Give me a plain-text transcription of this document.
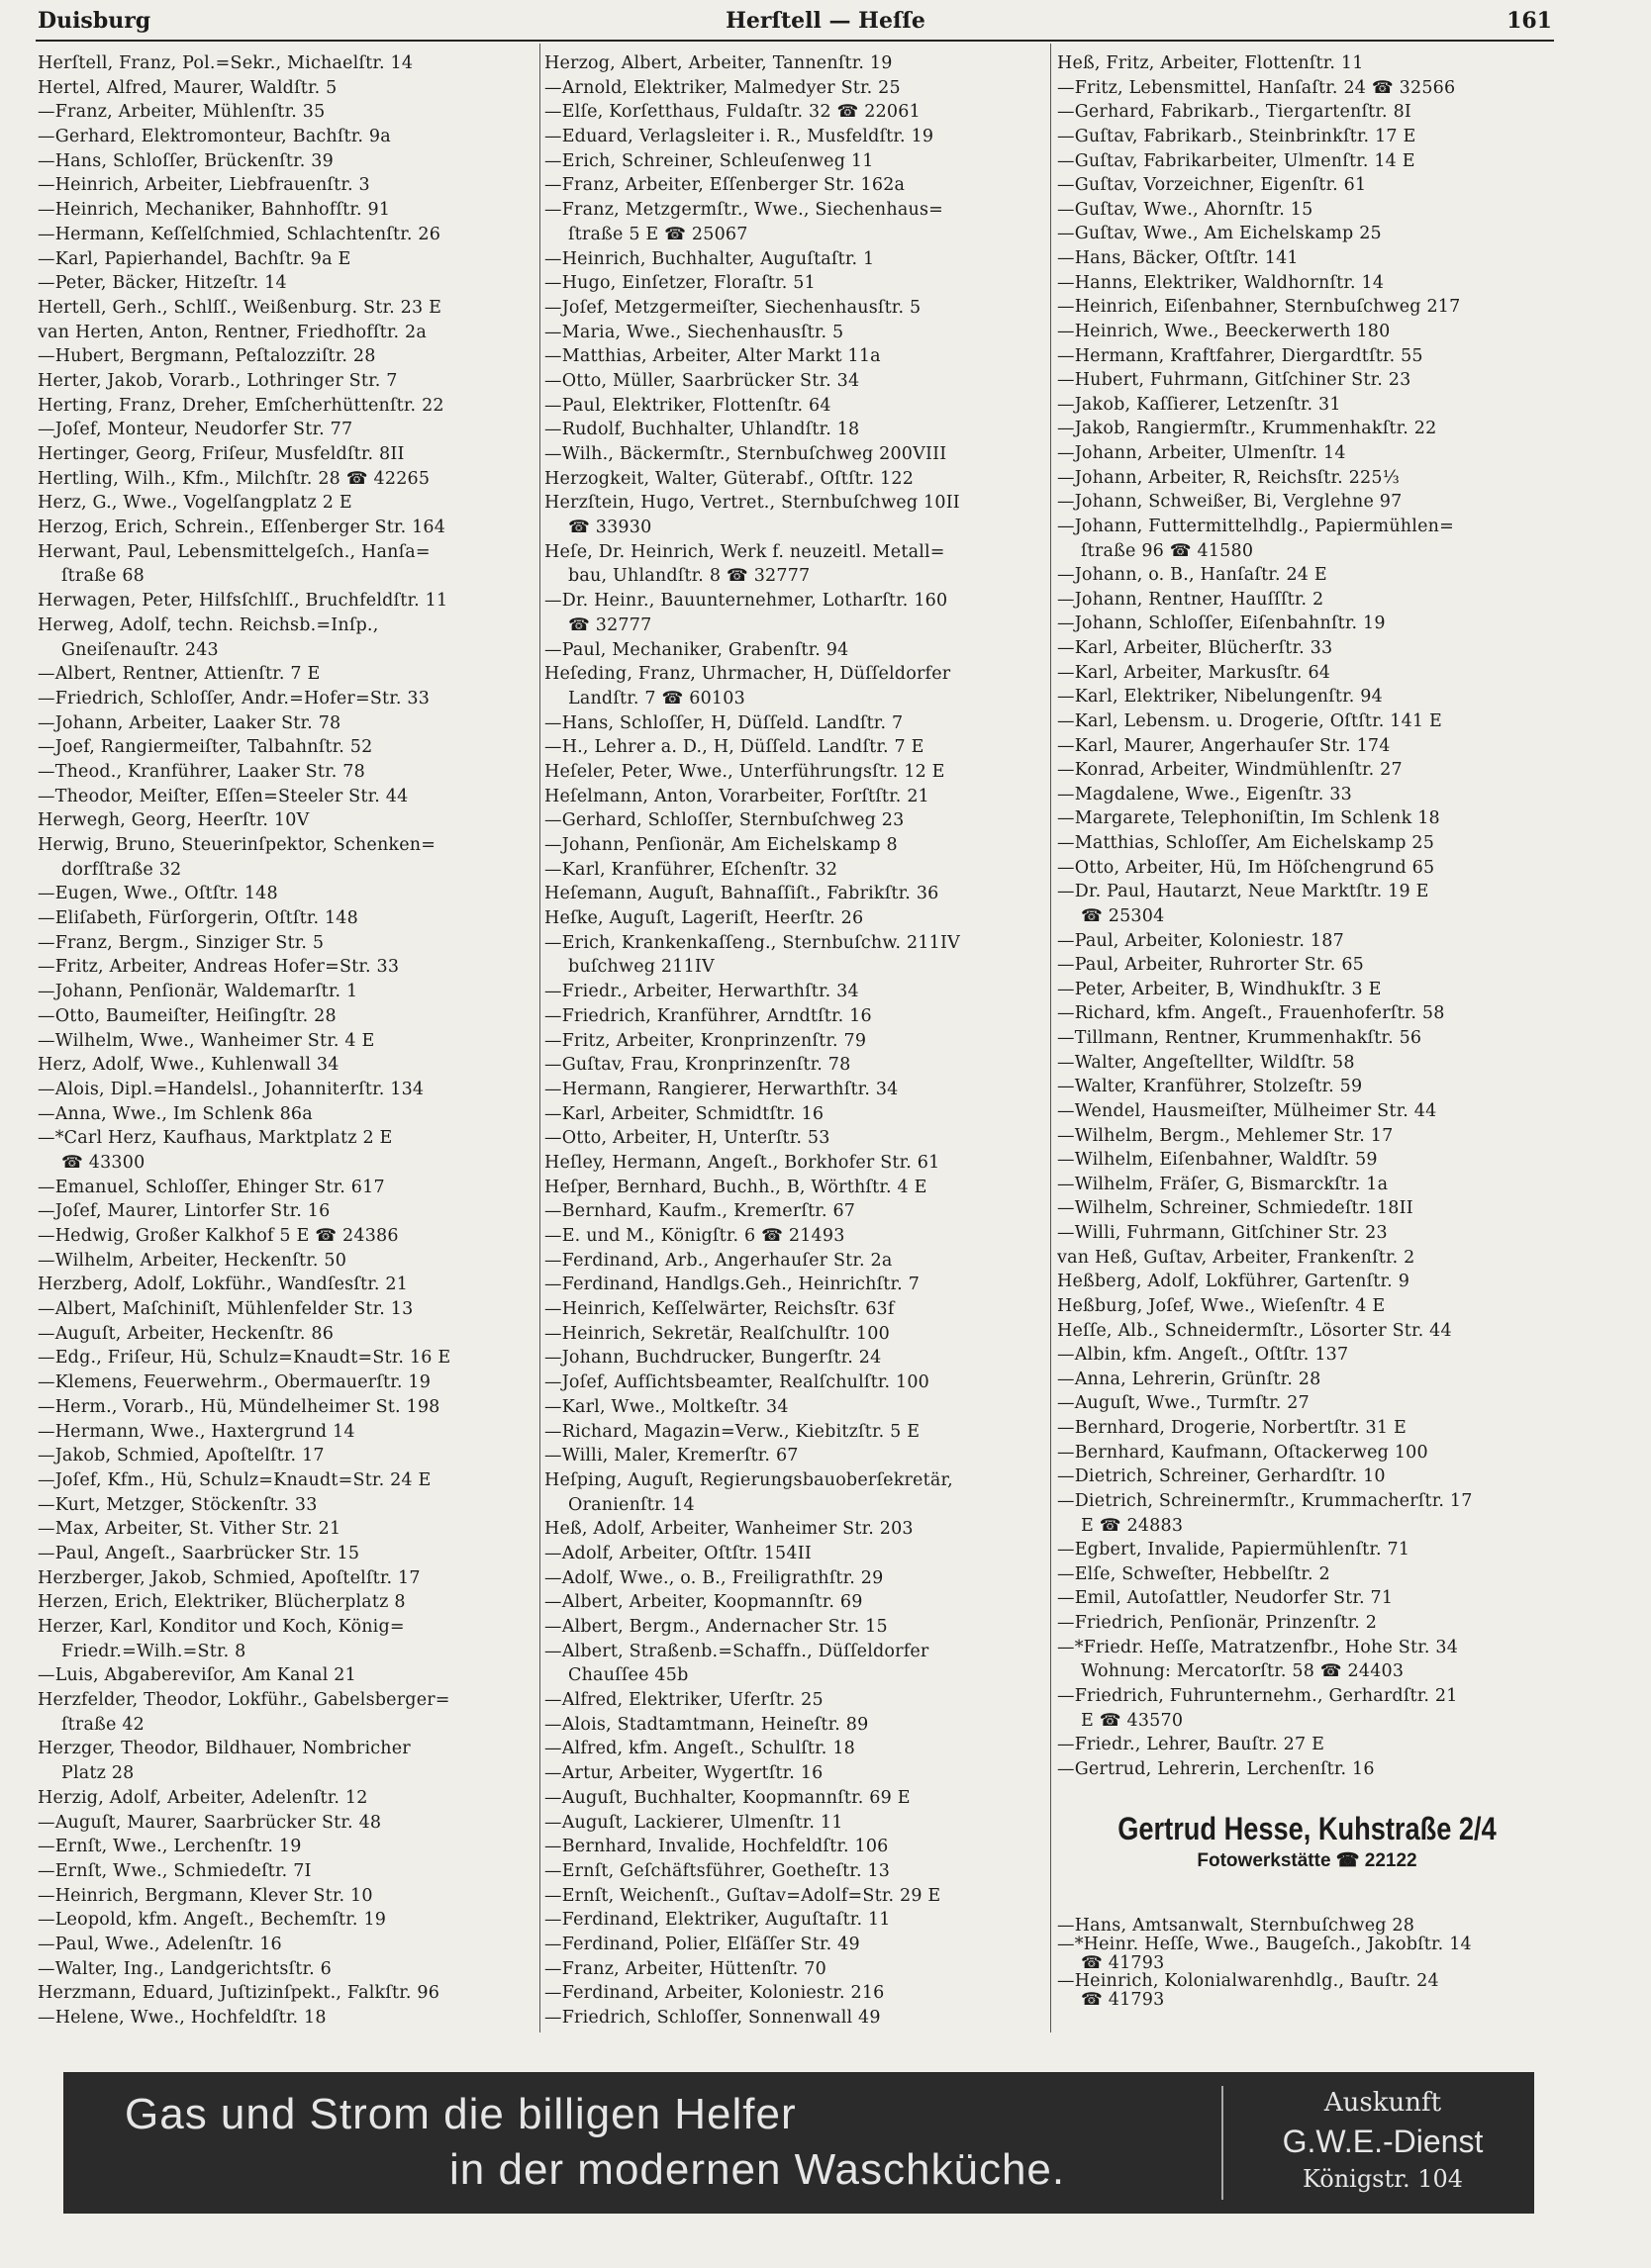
Duisburg	Herſtell — Heſſe	161
Herſtell, Franz, Pol.=Sekr., Michaelſtr. 14
Hertel, Alfred, Maurer, Waldſtr. 5
—Franz, Arbeiter, Mühlenſtr. 35
—Gerhard, Elektromonteur, Bachſtr. 9a
—Hans, Schloſſer, Brückenſtr. 39
—Heinrich, Arbeiter, Liebfrauenſtr. 3
—Heinrich, Mechaniker, Bahnhofſtr. 91
—Hermann, Keſſelſchmied, Schlachtenſtr. 26
—Karl, Papierhandel, Bachſtr. 9a E
—Peter, Bäcker, Hitzeſtr. 14
Hertell, Gerh., Schlſſ., Weißenburg. Str. 23 E
van Herten, Anton, Rentner, Friedhofſtr. 2a
—Hubert, Bergmann, Peſtalozziſtr. 28
Herter, Jakob, Vorarb., Lothringer Str. 7
Herting, Franz, Dreher, Emſcherhüttenſtr. 22
—Joſef, Monteur, Neudorfer Str. 77
Hertinger, Georg, Friſeur, Musfeldſtr. 8II
Hertling, Wilh., Kfm., Milchſtr. 28 ☎ 42265
Herz, G., Wwe., Vogelſangplatz 2 E
Herzog, Erich, Schrein., Eſſenberger Str. 164
Herwant, Paul, Lebensmittelgeſch., Hanſa=
ſtraße 68
Herwagen, Peter, Hilfsſchlſſ., Bruchfeldſtr. 11
Herweg, Adolf, techn. Reichsb.=Inſp.,
Gneiſenauſtr. 243
—Albert, Rentner, Attienſtr. 7 E
—Friedrich, Schloſſer, Andr.=Hofer=Str. 33
—Johann, Arbeiter, Laaker Str. 78
—Joef, Rangiermeiſter, Talbahnſtr. 52
—Theod., Kranführer, Laaker Str. 78
—Theodor, Meiſter, Eſſen=Steeler Str. 44
Herwegh, Georg, Heerſtr. 10V
Herwig, Bruno, Steuerinſpektor, Schenken=
dorfſtraße 32
—Eugen, Wwe., Oſtſtr. 148
—Eliſabeth, Fürſorgerin, Oſtſtr. 148
—Franz, Bergm., Sinziger Str. 5
—Fritz, Arbeiter, Andreas Hofer=Str. 33
—Johann, Penſionär, Waldemarſtr. 1
—Otto, Baumeiſter, Heiſingſtr. 28
—Wilhelm, Wwe., Wanheimer Str. 4 E
Herz, Adolf, Wwe., Kuhlenwall 34
—Alois, Dipl.=Handelsl., Johanniterſtr. 134
—Anna, Wwe., Im Schlenk 86a
—*Carl Herz, Kaufhaus, Marktplatz 2 E
☎ 43300
—Emanuel, Schloſſer, Ehinger Str. 617
—Joſef, Maurer, Lintorfer Str. 16
—Hedwig, Großer Kalkhof 5 E ☎ 24386
—Wilhelm, Arbeiter, Heckenſtr. 50
Herzberg, Adolf, Lokführ., Wandſesſtr. 21
—Albert, Maſchiniſt, Mühlenfelder Str. 13
—Auguſt, Arbeiter, Heckenſtr. 86
—Edg., Friſeur, Hü, Schulz=Knaudt=Str. 16 E
—Klemens, Feuerwehrm., Obermauerſtr. 19
—Herm., Vorarb., Hü, Mündelheimer St. 198
—Hermann, Wwe., Haxtergrund 14
—Jakob, Schmied, Apoſtelſtr. 17
—Joſef, Kfm., Hü, Schulz=Knaudt=Str. 24 E
—Kurt, Metzger, Stöckenſtr. 33
—Max, Arbeiter, St. Vither Str. 21
—Paul, Angeſt., Saarbrücker Str. 15
Herzberger, Jakob, Schmied, Apoſtelſtr. 17
Herzen, Erich, Elektriker, Blücherplatz 8
Herzer, Karl, Konditor und Koch, König=
Friedr.=Wilh.=Str. 8
—Luis, Abgabereviſor, Am Kanal 21
Herzfelder, Theodor, Lokführ., Gabelsberger=
ſtraße 42
Herzger, Theodor, Bildhauer, Nombricher
Platz 28
Herzig, Adolf, Arbeiter, Adelenſtr. 12
—Auguſt, Maurer, Saarbrücker Str. 48
—Ernſt, Wwe., Lerchenſtr. 19
—Ernſt, Wwe., Schmiedeſtr. 7I
—Heinrich, Bergmann, Klever Str. 10
—Leopold, kfm. Angeſt., Bechemſtr. 19
—Paul, Wwe., Adelenſtr. 16
—Walter, Ing., Landgerichtsſtr. 6
Herzmann, Eduard, Juſtizinſpekt., Falkſtr. 96
—Helene, Wwe., Hochfeldſtr. 18
Herzog, Albert, Arbeiter, Tannenſtr. 19
—Arnold, Elektriker, Malmedyer Str. 25
—Elſe, Korſetthaus, Fuldaſtr. 32 ☎ 22061
—Eduard, Verlagsleiter i. R., Musfeldſtr. 19
—Erich, Schreiner, Schleuſenweg 11
—Franz, Arbeiter, Eſſenberger Str. 162a
—Franz, Metzgermſtr., Wwe., Siechenhaus=
ſtraße 5 E ☎ 25067
—Heinrich, Buchhalter, Auguſtaſtr. 1
—Hugo, Einſetzer, Floraſtr. 51
—Joſef, Metzgermeiſter, Siechenhausſtr. 5
—Maria, Wwe., Siechenhausſtr. 5
—Matthias, Arbeiter, Alter Markt 11a
—Otto, Müller, Saarbrücker Str. 34
—Paul, Elektriker, Flottenſtr. 64
—Rudolf, Buchhalter, Uhlandſtr. 18
—Wilh., Bäckermſtr., Sternbuſchweg 200VIII
Herzogkeit, Walter, Güterabf., Oſtſtr. 122
Herzſtein, Hugo, Vertret., Sternbuſchweg 10II
☎ 33930
Heſe, Dr. Heinrich, Werk f. neuzeitl. Metall=
bau, Uhlandſtr. 8 ☎ 32777
—Dr. Heinr., Bauunternehmer, Lotharſtr. 160
☎ 32777
—Paul, Mechaniker, Grabenſtr. 94
Heſeding, Franz, Uhrmacher, H, Düſſeldorfer
Landſtr. 7 ☎ 60103
—Hans, Schloſſer, H, Düſſeld. Landſtr. 7
—H., Lehrer a. D., H, Düſſeld. Landſtr. 7 E
Heſeler, Peter, Wwe., Unterführungsſtr. 12 E
Heſelmann, Anton, Vorarbeiter, Forſtſtr. 21
—Gerhard, Schloſſer, Sternbuſchweg 23
—Johann, Penſionär, Am Eichelskamp 8
—Karl, Kranführer, Eſchenſtr. 32
Heſemann, Auguſt, Bahnaſſiſt., Fabrikſtr. 36
Heſke, Auguſt, Lageriſt, Heerſtr. 26
—Erich, Krankenkaſſeng., Sternbuſchw. 211IV
buſchweg 211IV
—Friedr., Arbeiter, Herwarthſtr. 34
—Friedrich, Kranführer, Arndtſtr. 16
—Fritz, Arbeiter, Kronprinzenſtr. 79
—Guſtav, Frau, Kronprinzenſtr. 78
—Hermann, Rangierer, Herwarthſtr. 34
—Karl, Arbeiter, Schmidtſtr. 16
—Otto, Arbeiter, H, Unterſtr. 53
Heſley, Hermann, Angeſt., Borkhofer Str. 61
Heſper, Bernhard, Buchh., B, Wörthſtr. 4 E
—Bernhard, Kaufm., Kremerſtr. 67
—E. und M., Königſtr. 6 ☎ 21493
—Ferdinand, Arb., Angerhauſer Str. 2a
—Ferdinand, Handlgs.Geh., Heinrichſtr. 7
—Heinrich, Keſſelwärter, Reichsſtr. 63f
—Heinrich, Sekretär, Realſchulſtr. 100
—Johann, Buchdrucker, Bungerſtr. 24
—Joſef, Aufſichtsbeamter, Realſchulſtr. 100
—Karl, Wwe., Moltkeſtr. 34
—Richard, Magazin=Verw., Kiebitzſtr. 5 E
—Willi, Maler, Kremerſtr. 67
Heſping, Auguſt, Regierungsbauoberſekretär,
Oranienſtr. 14
Heß, Adolf, Arbeiter, Wanheimer Str. 203
—Adolf, Arbeiter, Oſtſtr. 154II
—Adolf, Wwe., o. B., Freiligrathſtr. 29
—Albert, Arbeiter, Koopmannſtr. 69
—Albert, Bergm., Andernacher Str. 15
—Albert, Straßenb.=Schaffn., Düſſeldorfer
Chauſſee 45b
—Alfred, Elektriker, Uferſtr. 25
—Alois, Stadtamtmann, Heineſtr. 89
—Alfred, kfm. Angeſt., Schulſtr. 18
—Artur, Arbeiter, Wygertſtr. 16
—Auguſt, Buchhalter, Koopmannſtr. 69 E
—Auguſt, Lackierer, Ulmenſtr. 11
—Bernhard, Invalide, Hochfeldſtr. 106
—Ernſt, Geſchäftsführer, Goetheſtr. 13
—Ernſt, Weichenſt., Guſtav=Adolf=Str. 29 E
—Ferdinand, Elektriker, Auguſtaſtr. 11
—Ferdinand, Polier, Elſäſſer Str. 49
—Franz, Arbeiter, Hüttenſtr. 70
—Ferdinand, Arbeiter, Koloniestr. 216
—Friedrich, Schloſſer, Sonnenwall 49
Heß, Fritz, Arbeiter, Flottenſtr. 11
—Fritz, Lebensmittel, Hanſaſtr. 24 ☎ 32566
—Gerhard, Fabrikarb., Tiergartenſtr. 8I
—Guſtav, Fabrikarb., Steinbrinkſtr. 17 E
—Guſtav, Fabrikarbeiter, Ulmenſtr. 14 E
—Guſtav, Vorzeichner, Eigenſtr. 61
—Guſtav, Wwe., Ahornſtr. 15
—Guſtav, Wwe., Am Eichelskamp 25
—Hans, Bäcker, Oſtſtr. 141
—Hanns, Elektriker, Waldhornſtr. 14
—Heinrich, Eiſenbahner, Sternbuſchweg 217
—Heinrich, Wwe., Beeckerwerth 180
—Hermann, Kraftfahrer, Diergardtſtr. 55
—Hubert, Fuhrmann, Gitſchiner Str. 23
—Jakob, Kaſſierer, Letzenſtr. 31
—Jakob, Rangiermſtr., Krummenhakſtr. 22
—Johann, Arbeiter, Ulmenſtr. 14
—Johann, Arbeiter, R, Reichsſtr. 225⅓
—Johann, Schweißer, Bi, Verglehne 97
—Johann, Futtermittelhdlg., Papiermühlen=
ſtraße 96 ☎ 41580
—Johann, o. B., Hanſaſtr. 24 E
—Johann, Rentner, Hauſſſtr. 2
—Johann, Schloſſer, Eiſenbahnſtr. 19
—Karl, Arbeiter, Blücherſtr. 33
—Karl, Arbeiter, Markusſtr. 64
—Karl, Elektriker, Nibelungenſtr. 94
—Karl, Lebensm. u. Drogerie, Oſtſtr. 141 E
—Karl, Maurer, Angerhauſer Str. 174
—Konrad, Arbeiter, Windmühlenſtr. 27
—Magdalene, Wwe., Eigenſtr. 33
—Margarete, Telephoniſtin, Im Schlenk 18
—Matthias, Schloſſer, Am Eichelskamp 25
—Otto, Arbeiter, Hü, Im Höſchengrund 65
—Dr. Paul, Hautarzt, Neue Marktſtr. 19 E
☎ 25304
—Paul, Arbeiter, Koloniestr. 187
—Paul, Arbeiter, Ruhrorter Str. 65
—Peter, Arbeiter, B, Windhukſtr. 3 E
—Richard, kfm. Angeſt., Frauenhoferſtr. 58
—Tillmann, Rentner, Krummenhakſtr. 56
—Walter, Angeſtellter, Wildſtr. 58
—Walter, Kranführer, Stolzeſtr. 59
—Wendel, Hausmeiſter, Mülheimer Str. 44
—Wilhelm, Bergm., Mehlemer Str. 17
—Wilhelm, Eiſenbahner, Waldſtr. 59
—Wilhelm, Fräſer, G, Bismarckſtr. 1a
—Wilhelm, Schreiner, Schmiedeſtr. 18II
—Willi, Fuhrmann, Gitſchiner Str. 23
van Heß, Guſtav, Arbeiter, Frankenſtr. 2
Heßberg, Adolf, Lokführer, Gartenſtr. 9
Heßburg, Joſef, Wwe., Wieſenſtr. 4 E
Heſſe, Alb., Schneidermſtr., Lösorter Str. 44
—Albin, kfm. Angeſt., Oſtſtr. 137
—Anna, Lehrerin, Grünſtr. 28
—Auguſt, Wwe., Turmſtr. 27
—Bernhard, Drogerie, Norbertſtr. 31 E
—Bernhard, Kaufmann, Oſtackerweg 100
—Dietrich, Schreiner, Gerhardſtr. 10
—Dietrich, Schreinermſtr., Krummacherſtr. 17
E ☎ 24883
—Egbert, Invalide, Papiermühlenſtr. 71
—Elſe, Schweſter, Hebbelſtr. 2
—Emil, Autoſattler, Neudorfer Str. 71
—Friedrich, Penſionär, Prinzenſtr. 2
—*Friedr. Heſſe, Matratzenfbr., Hohe Str. 34
Wohnung: Mercatorſtr. 58 ☎ 24403
—Friedrich, Fuhrunternehm., Gerhardſtr. 21
E ☎ 43570
—Friedr., Lehrer, Bauſtr. 27 E
—Gertrud, Lehrerin, Lerchenſtr. 16
Gertrud Hesse, Kuhstraße 2/4
Fotowerkstätte ☎ 22122
—Hans, Amtsanwalt, Sternbuſchweg 28
—*Heinr. Heſſe, Wwe., Baugeſch., Jakobſtr. 14
☎ 41793
—Heinrich, Kolonialwarenhdlg., Bauſtr. 24
☎ 41793
Gas und Strom die billigen Helfer
in der modernen Waschküche.
Auskunft
G.W.E.-Dienst
Königstr. 104
